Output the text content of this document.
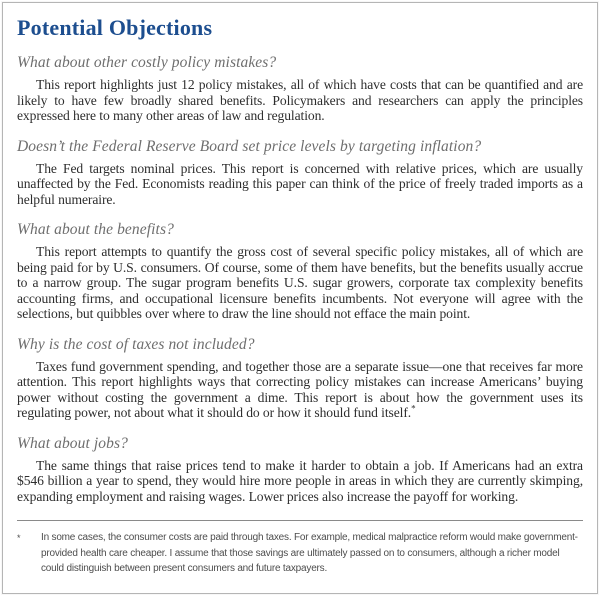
Potential Objections
What about other costly policy mistakes?

This report highlights just 12 policy mistakes, all of which have costs that can be quantified and are likely to have few broadly shared benefits. Policymakers and researchers can apply the principles expressed here to many other areas of law and regulation.

Doesn’t the Federal Reserve Board set price levels by targeting inflation?

The Fed targets nominal prices. This report is concerned with relative prices, which are usually unaffected by the Fed. Economists reading this paper can think of the price of freely traded imports as a helpful numeraire.

What about the benefits?

This report attempts to quantify the gross cost of several specific policy mistakes, all of which are being paid for by U.S. consumers. Of course, some of them have benefits, but the benefits usually accrue to a narrow group. The sugar program benefits U.S. sugar growers, corporate tax complexity benefits accounting firms, and occupational licensure benefits incumbents. Not everyone will agree with the selections, but quibbles over where to draw the line should not efface the main point.

Why is the cost of taxes not included?

Taxes fund government spending, and together those are a separate issue—one that receives far more attention. This report highlights ways that correcting policy mistakes can increase Americans’ buying power without costing the government a dime. This report is about how the government uses its regulating power, not about what it should do or how it should fund itself.*

What about jobs?

The same things that raise prices tend to make it harder to obtain a job. If Americans had an extra $546 billion a year to spend, they would hire more people in areas in which they are currently skimping, expanding employment and raising wages. Lower prices also increase the payoff for working.

*	In some cases, the consumer costs are paid through taxes. For example, medical malpractice reform would make government-provided health care cheaper. I assume that those savings are ultimately passed on to consumers, although a richer model could distinguish between present consumers and future taxpayers.
